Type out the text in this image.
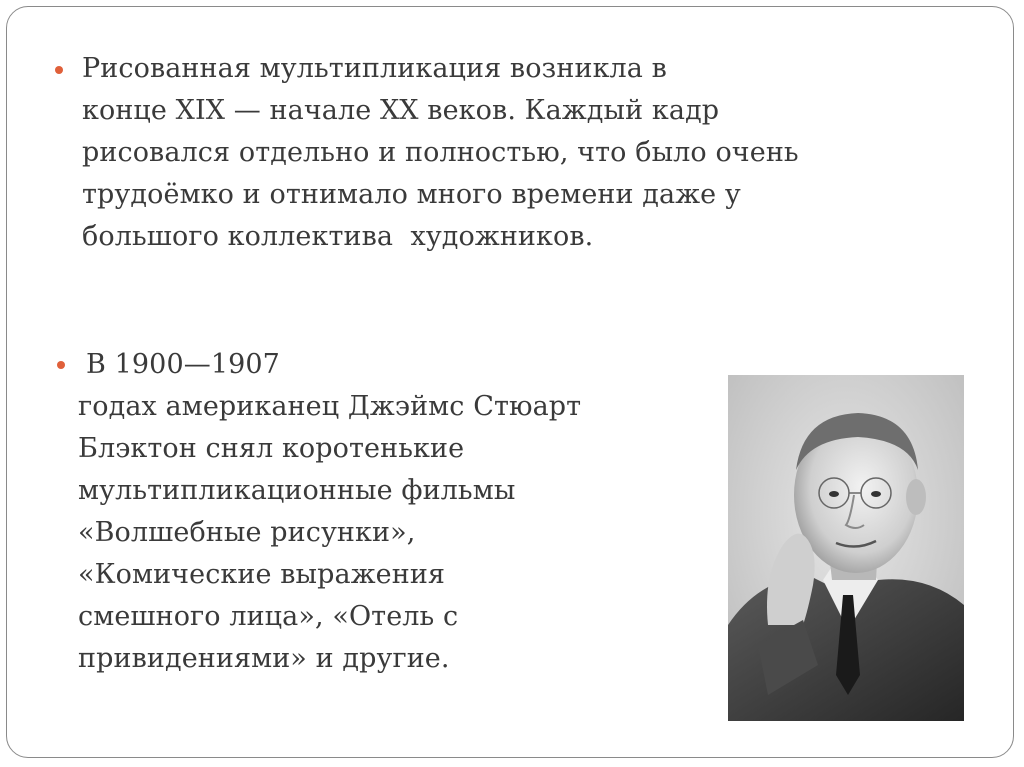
Рисованная мультипликация возникла в
конце XIX — начале XX веков. Каждый кадр
рисовался отдельно и полностью, что было очень
трудоёмко и отнимало много времени даже у
большого коллектива  художников.
В 1900—1907
годах американец Джэймс Стюарт
Блэктон снял коротенькие
мультипликационные фильмы
«Волшебные рисунки»,
«Комические выражения
смешного лица», «Отель с
привидениями» и другие.
